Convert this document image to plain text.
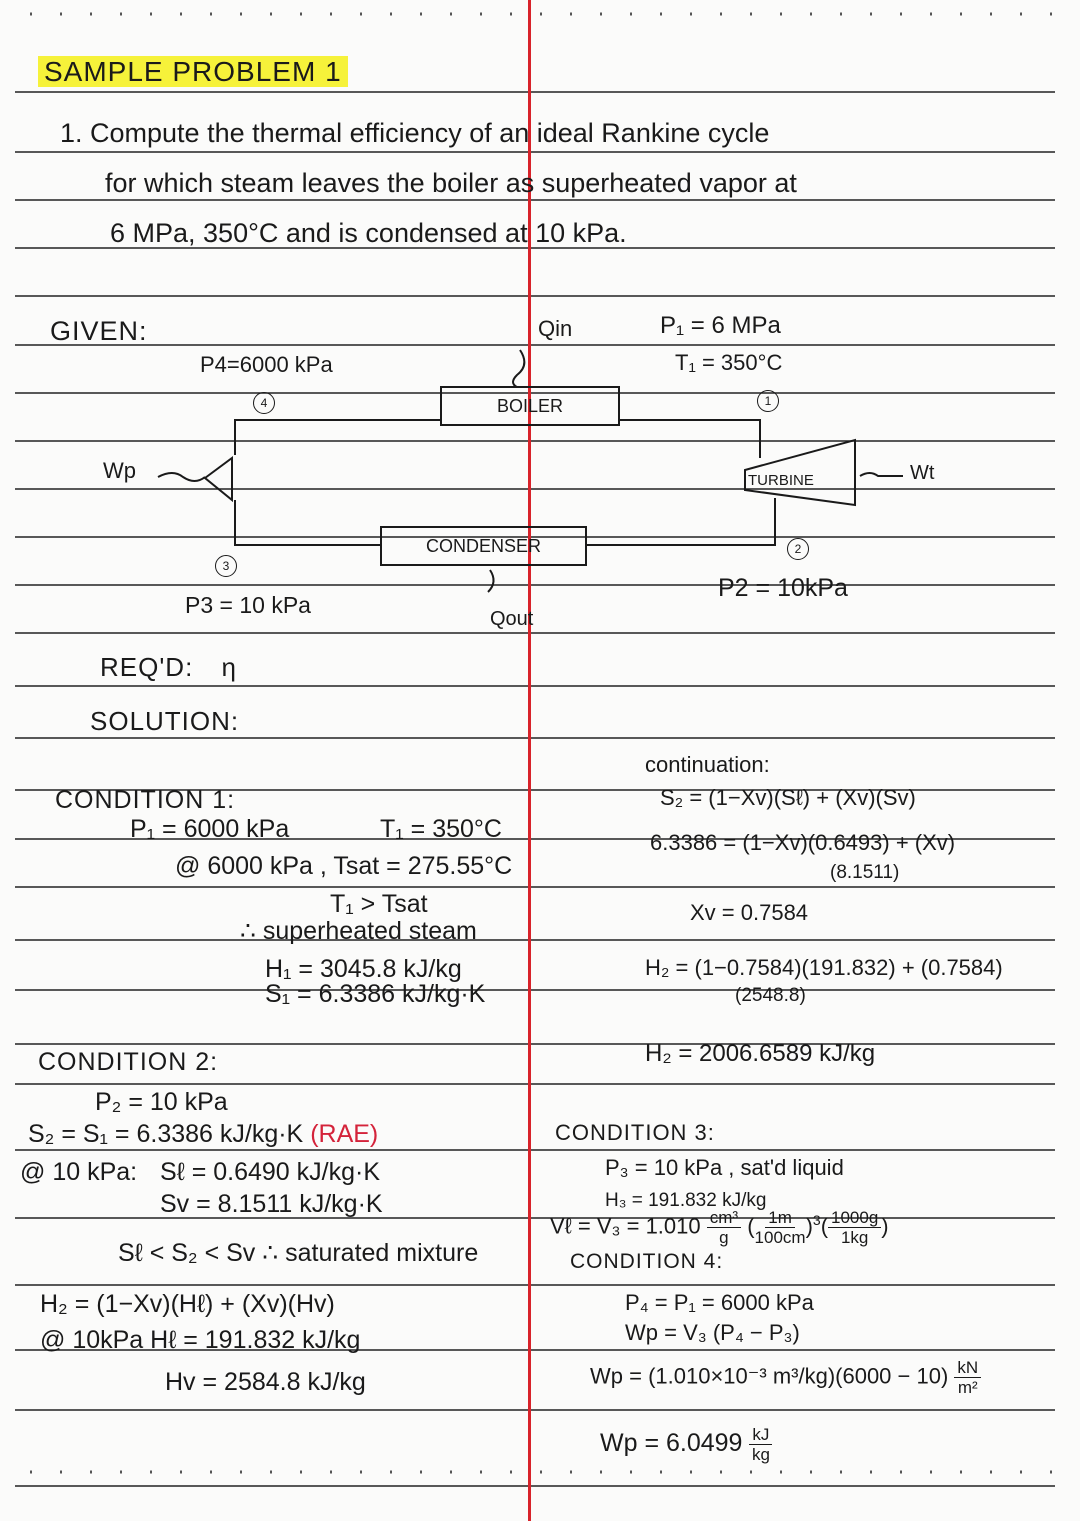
SAMPLE PROBLEM 1
1. Compute the thermal efficiency of an ideal Rankine cycle
for which steam leaves the boiler as superheated vapor at
6 MPa, 350°C and is condensed at 10 kPa.
GIVEN:	Qin	P₁ = 6 MPa
T₁ = 350°C
P4=6000 kPa
4	1
BOILER
TURBINE
Wp	Wt
CONDENSER
3
2
P3 = 10 kPa
Qout
P2 = 10kPa
REQ'D: η
SOLUTION:
CONDITION 1:
P₁ = 6000 kPa	T₁ = 350°C
@ 6000 kPa , Tsat = 275.55°C
T₁ > Tsat
∴ superheated steam
H₁ = 3045.8 kJ/kg
S₁ = 6.3386 kJ/kg·K
CONDITION 2:
P₂ = 10 kPa
S₂ = S₁ = 6.3386 kJ/kg·K (RAE)
@ 10 kPa: Sℓ = 0.6490 kJ/kg·K
Sv = 8.1511 kJ/kg·K
Sℓ < S₂ < Sv ∴ saturated mixture
H₂ = (1−Xv)(Hℓ) + (Xv)(Hv)
@ 10kPa Hℓ = 191.832 kJ/kg
Hv = 2584.8 kJ/kg
continuation:
S₂ = (1−Xv)(Sℓ) + (Xv)(Sv)
6.3386 = (1−Xv)(0.6493) + (Xv)
(8.1511)
Xv = 0.7584
H₂ = (1−0.7584)(191.832) + (0.7584)
(2548.8)
H₂ = 2006.6589 kJ/kg
CONDITION 3:
P₃ = 10 kPa , sat'd liquid
H₃ = 191.832 kJ/kg
Vℓ = $V_3 = 1.010 \frac{\text{cm³}}{g}$ ( $\frac{1m}{100cm} )^3( \frac{1000g}{1kg}$ )
CONDITION 4:
P₄ = P₁ = 6000 kPa
Wp = V₃ (P₄ − P₃)
Wp = (1.010×10⁻³ $m^3/kg)(6000 - 10) \frac{kN}{\text{m²}}$
$Wp = 6.0499 \frac{kJ}{kg}$
